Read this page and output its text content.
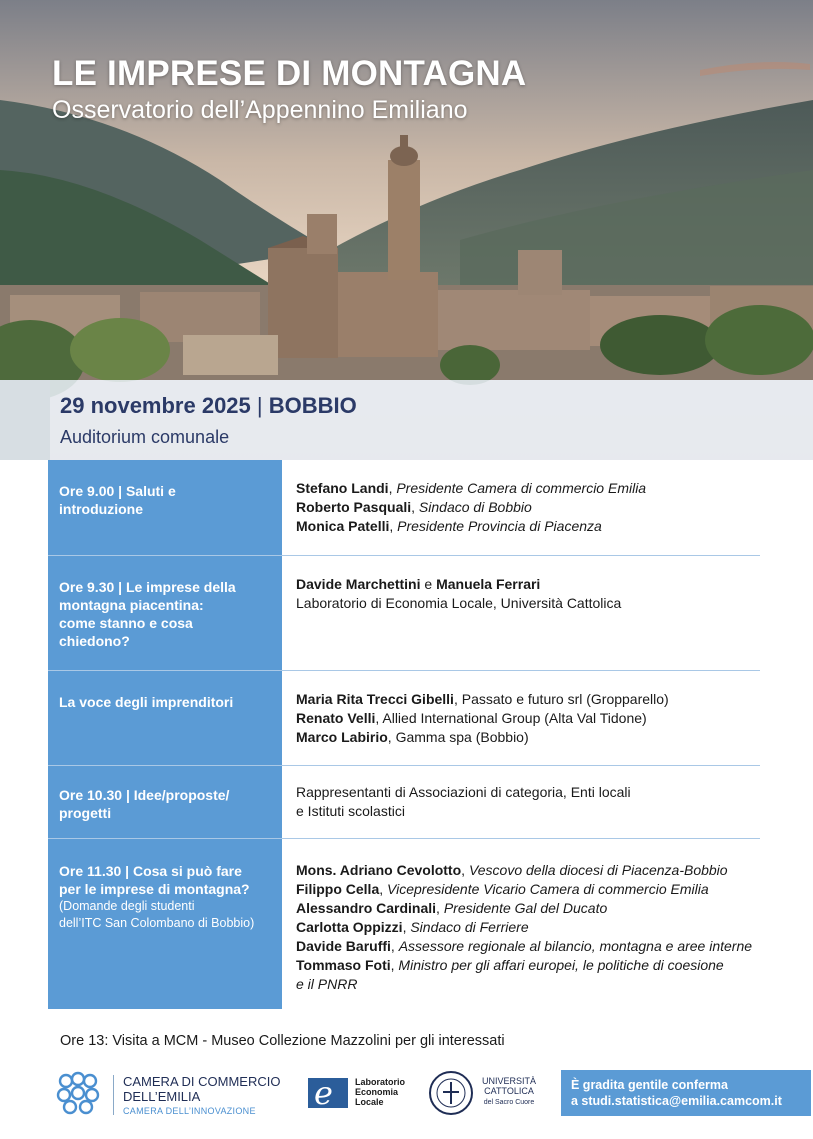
LE IMPRESE DI MONTAGNA
Osservatorio dell’Appennino Emiliano
29 novembre 2025 | BOBBIO
Auditorium comunale
Ore 9.00 | Saluti e
introduzione
Stefano Landi, Presidente Camera di commercio Emilia
Roberto Pasquali, Sindaco di Bobbio
Monica Patelli, Presidente Provincia di Piacenza
Ore 9.30 | Le imprese della
montagna piacentina:
come stanno e cosa
chiedono?
Davide Marchettini e Manuela Ferrari
Laboratorio di Economia Locale, Università Cattolica
La voce degli imprenditori	Maria Rita Trecci Gibelli, Passato e futuro srl (Gropparello)
Renato Velli, Allied International Group (Alta Val Tidone)
Marco Labirio, Gamma spa (Bobbio)
Ore 10.30 | Idee/proposte/
progetti
Rappresentanti di Associazioni di categoria, Enti locali
e Istituti scolastici
Ore 11.30 | Cosa si può fare
per le imprese di montagna?
(Domande degli studenti
dell’ITC San Colombano di Bobbio)
Mons. Adriano Cevolotto, Vescovo della diocesi di Piacenza-Bobbio
Filippo Cella, Vicepresidente Vicario Camera di commercio Emilia
Alessandro Cardinali, Presidente Gal del Ducato
Carlotta Oppizzi, Sindaco di Ferriere
Davide Baruffi, Assessore regionale al bilancio, montagna e aree interne
Tommaso Foti, Ministro per gli affari europei, le politiche di coesione
e il PNRR
Ore 13: Visita a MCM - Museo Collezione Mazzolini per gli interessati
CAMERA DI COMMERCIO
DELL’EMILIA
CAMERA DELL’INNOVAZIONE e Laboratorio
Economia
Locale
UNIVERSITÀ
CATTOLICA
del Sacro Cuore
È gradita gentile conferma
a studi.statistica@emilia.camcom.it
